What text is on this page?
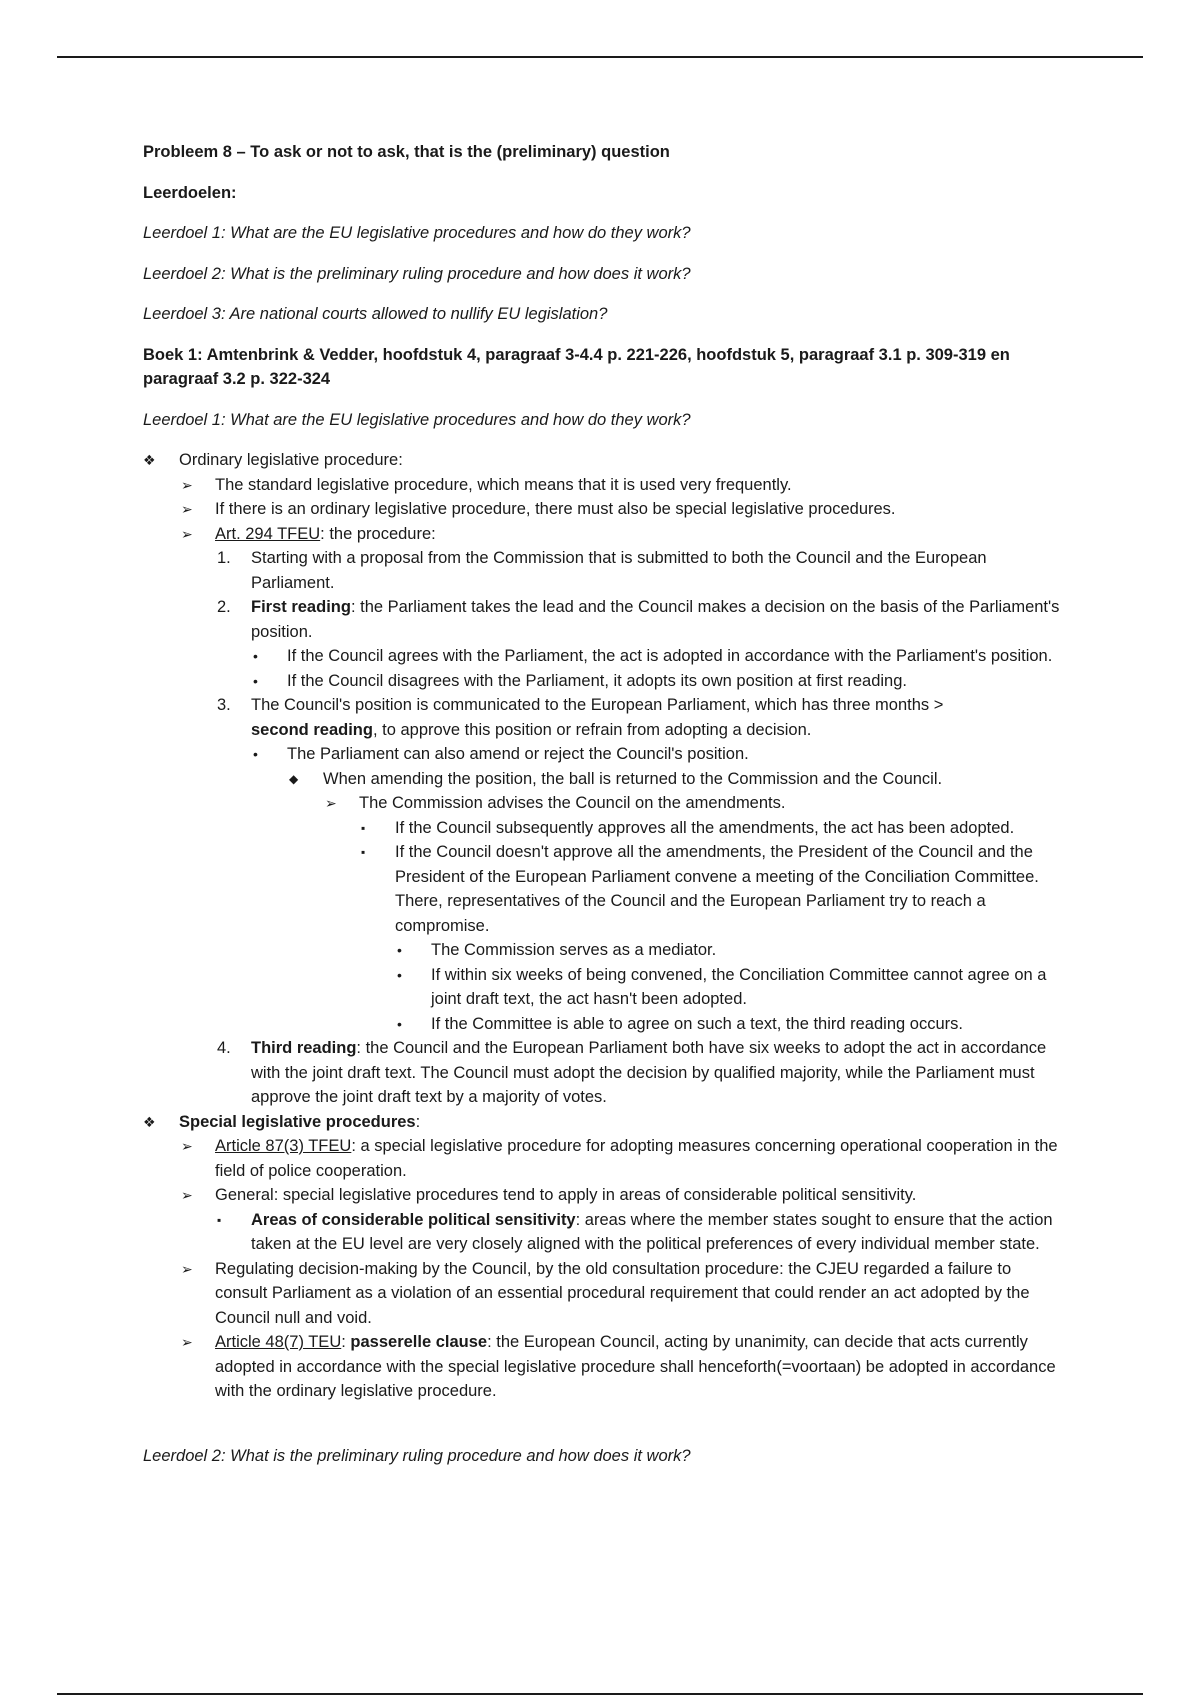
Probleem 8 – To ask or not to ask, that is the (preliminary) question

Leerdoelen:

Leerdoel 1: What are the EU legislative procedures and how do they work?

Leerdoel 2: What is the preliminary ruling procedure and how does it work?

Leerdoel 3: Are national courts allowed to nullify EU legislation?

Boek 1: Amtenbrink & Vedder, hoofdstuk 4, paragraaf 3-4.4 p. 221-226, hoofdstuk 5, paragraaf 3.1 p. 309-319 en paragraaf 3.2 p. 322-324

Leerdoel 1: What are the EU legislative procedures and how do they work?

❖ Ordinary legislative procedure:
➢ The standard legislative procedure, which means that it is used very frequently.
➢ If there is an ordinary legislative procedure, there must also be special legislative procedures.
➢ Art. 294 TFEU: the procedure:
1. Starting with a proposal from the Commission that is submitted to both the Council and the European Parliament.
2. First reading: the Parliament takes the lead and the Council makes a decision on the basis of the Parliament's position.
• If the Council agrees with the Parliament, the act is adopted in accordance with the Parliament's position.
• If the Council disagrees with the Parliament, it adopts its own position at first reading.
3. The Council's position is communicated to the European Parliament, which has three months >
second reading, to approve this position or refrain from adopting a decision.
• The Parliament can also amend or reject the Council's position.
◆ When amending the position, the ball is returned to the Commission and the Council.
➢ The Commission advises the Council on the amendments.
▪ If the Council subsequently approves all the amendments, the act has been adopted.
▪ If the Council doesn't approve all the amendments, the President of the Council and the President of the European Parliament convene a meeting of the Conciliation Committee. There, representatives of the Council and the European Parliament try to reach a compromise.
• The Commission serves as a mediator.
• If within six weeks of being convened, the Conciliation Committee cannot agree on a joint draft text, the act hasn't been adopted.
• If the Committee is able to agree on such a text, the third reading occurs.
4. Third reading: the Council and the European Parliament both have six weeks to adopt the act in accordance with the joint draft text. The Council must adopt the decision by qualified majority, while the Parliament must approve the joint draft text by a majority of votes.
❖ Special legislative procedures:
➢ Article 87(3) TFEU: a special legislative procedure for adopting measures concerning operational cooperation in the field of police cooperation.
➢ General: special legislative procedures tend to apply in areas of considerable political sensitivity.
▪ Areas of considerable political sensitivity: areas where the member states sought to ensure that the action taken at the EU level are very closely aligned with the political preferences of every individual member state.
➢ Regulating decision-making by the Council, by the old consultation procedure: the CJEU regarded a failure to consult Parliament as a violation of an essential procedural requirement that could render an act adopted by the Council null and void.
➢ Article 48(7) TEU: passerelle clause: the European Council, acting by unanimity, can decide that acts currently adopted in accordance with the special legislative procedure shall henceforth(=voortaan) be adopted in accordance with the ordinary legislative procedure.

Leerdoel 2: What is the preliminary ruling procedure and how does it work?
